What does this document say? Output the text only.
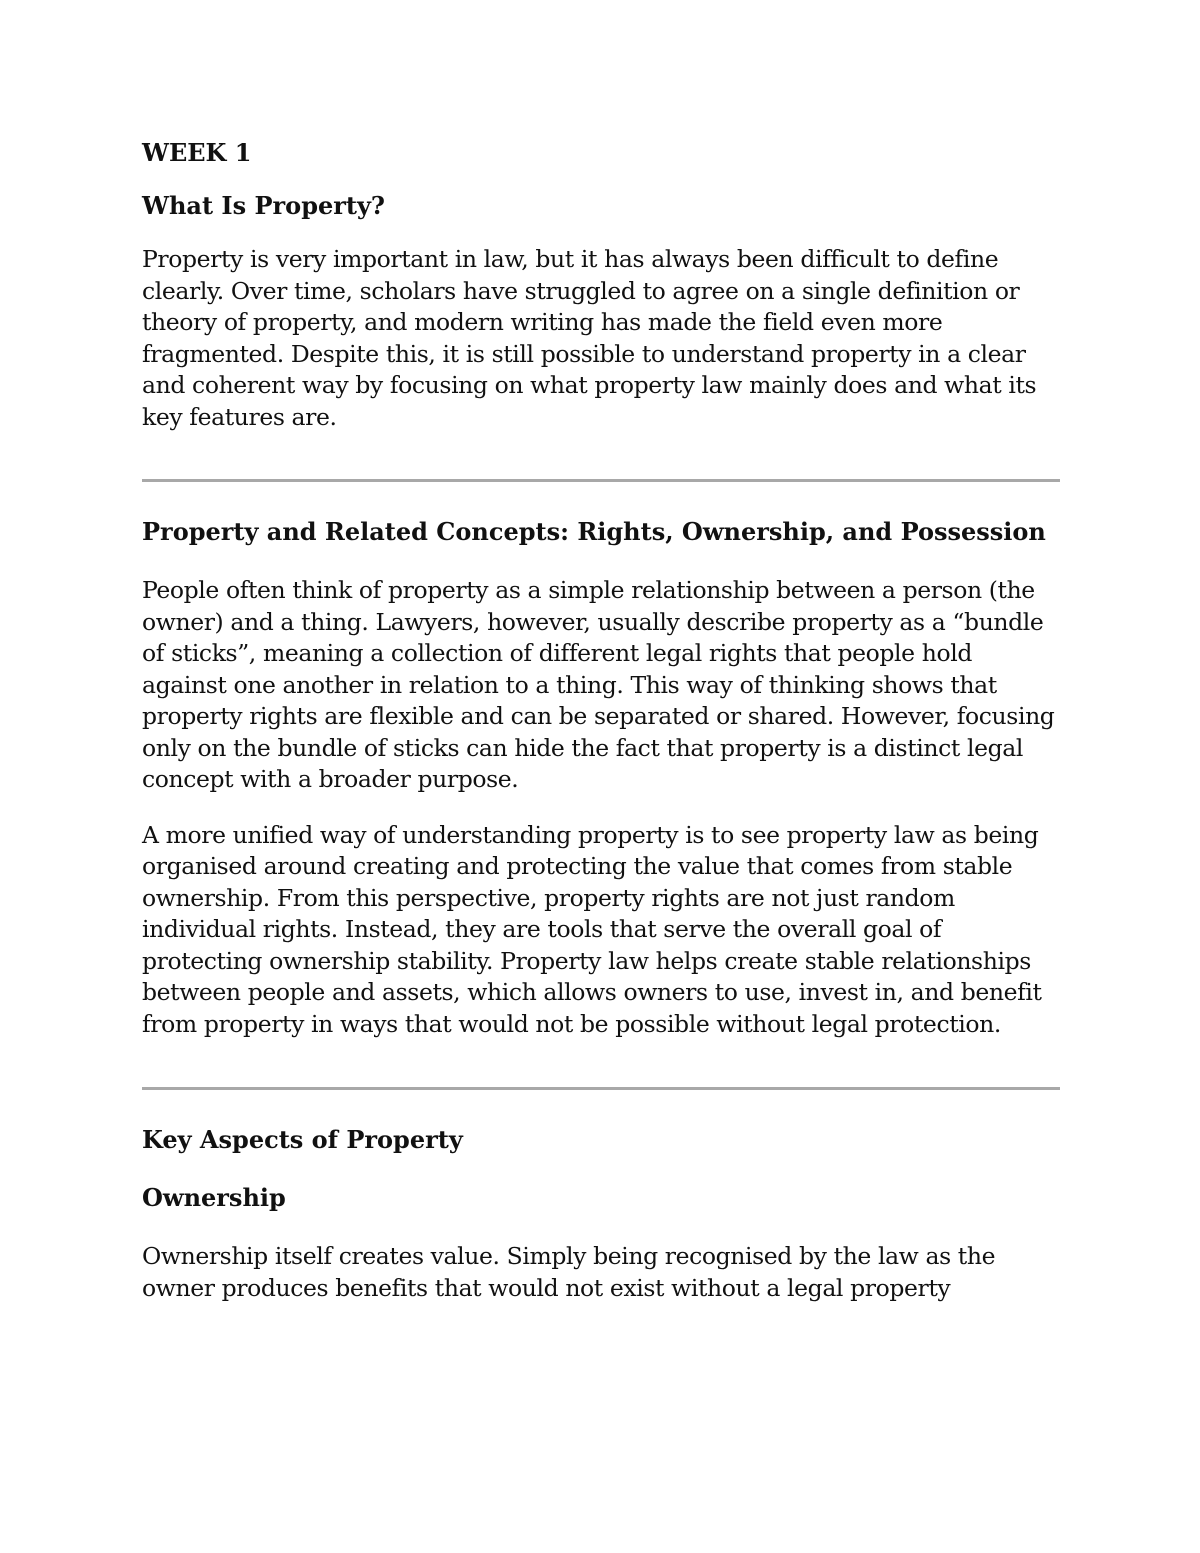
WEEK 1

What Is Property?

Property is very important in law, but it has always been difficult to define clearly. Over time, scholars have struggled to agree on a single definition or theory of property, and modern writing has made the field even more fragmented. Despite this, it is still possible to understand property in a clear and coherent way by focusing on what property law mainly does and what its key features are.

Property and Related Concepts: Rights, Ownership, and Possession

People often think of property as a simple relationship between a person (the owner) and a thing. Lawyers, however, usually describe property as a “bundle of sticks”, meaning a collection of different legal rights that people hold against one another in relation to a thing. This way of thinking shows that property rights are flexible and can be separated or shared. However, focusing only on the bundle of sticks can hide the fact that property is a distinct legal concept with a broader purpose.

A more unified way of understanding property is to see property law as being organised around creating and protecting the value that comes from stable ownership. From this perspective, property rights are not just random individual rights. Instead, they are tools that serve the overall goal of protecting ownership stability. Property law helps create stable relationships between people and assets, which allows owners to use, invest in, and benefit from property in ways that would not be possible without legal protection.

Key Aspects of Property

Ownership

Ownership itself creates value. Simply being recognised by the law as the owner produces benefits that would not exist without a legal property
